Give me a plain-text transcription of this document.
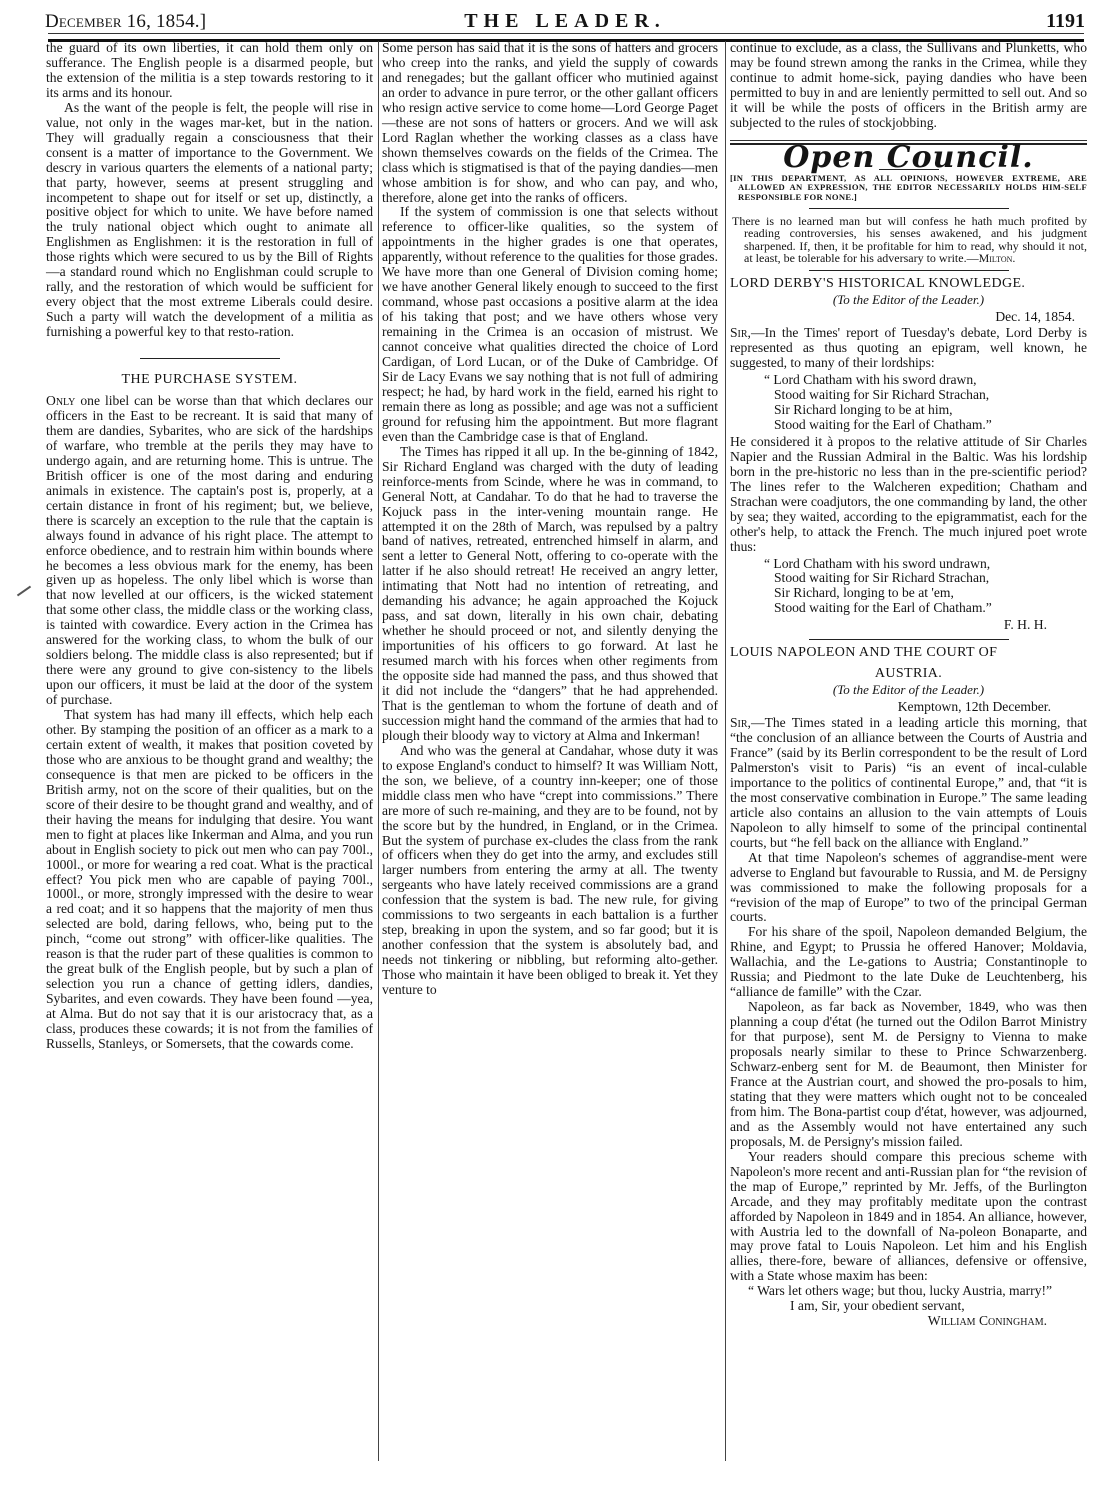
December 16, 1854.]	THE LEADER.	1191

the guard of its own liberties, it can hold them only on sufferance. The English people is a disarmed people, but the extension of the militia is a step towards restoring to it its arms and its honour.

As the want of the people is felt, the people will rise in value, not only in the wages mar-ket, but in the nation. They will gradually regain a consciousness that their consent is a matter of importance to the Government. We descry in various quarters the elements of a national party; that party, however, seems at present struggling and incompetent to shape out for itself or set up, distinctly, a positive object for which to unite. We have before named the truly national object which ought to animate all Englishmen as Englishmen: it is the restoration in full of those rights which were secured to us by the Bill of Rights—a standard round which no Englishman could scruple to rally, and the restoration of which would be sufficient for every object that the most extreme Liberals could desire. Such a party will watch the development of a militia as furnishing a powerful key to that resto-ration.

THE PURCHASE SYSTEM.

Only one libel can be worse than that which declares our officers in the East to be recreant. It is said that many of them are dandies, Sybarites, who are sick of the hardships of warfare, who tremble at the perils they may have to undergo again, and are returning home. This is untrue. The British officer is one of the most daring and enduring animals in existence. The captain's post is, properly, at a certain distance in front of his regiment; but, we believe, there is scarcely an exception to the rule that the captain is always found in advance of his right place. The attempt to enforce obedience, and to restrain him within bounds where he becomes a less obvious mark for the enemy, has been given up as hopeless. The only libel which is worse than that now levelled at our officers, is the wicked statement that some other class, the middle class or the working class, is tainted with cowardice. Every action in the Crimea has answered for the working class, to whom the bulk of our soldiers belong. The middle class is also represented; but if there were any ground to give con-sistency to the libels upon our officers, it must be laid at the door of the system of purchase.

That system has had many ill effects, which help each other. By stamping the position of an officer as a mark to a certain extent of wealth, it makes that position coveted by those who are anxious to be thought grand and wealthy; the consequence is that men are picked to be officers in the British army, not on the score of their qualities, but on the score of their desire to be thought grand and wealthy, and of their having the means for indulging that desire. You want men to fight at places like Inkerman and Alma, and you run about in English society to pick out men who can pay 700l., 1000l., or more for wearing a red coat. What is the practical effect? You pick men who are capable of paying 700l., 1000l., or more, strongly impressed with the desire to wear a red coat; and it so happens that the majority of men thus selected are bold, daring fellows, who, being put to the pinch, “come out strong” with officer-like qualities. The reason is that the ruder part of these qualities is common to the great bulk of the English people, but by such a plan of selection you run a chance of getting idlers, dandies, Sybarites, and even cowards. They have been found —yea, at Alma. But do not say that it is our aristocracy that, as a class, produces these cowards; it is not from the families of Russells, Stanleys, or Somersets, that the cowards come.

Some person has said that it is the sons of hatters and grocers who creep into the ranks, and yield the supply of cowards and renegades; but the gallant officer who mutinied against an order to advance in pure terror, or the other gallant officers who resign active service to come home—Lord George Paget—these are not sons of hatters or grocers. And we will ask Lord Raglan whether the working classes as a class have shown themselves cowards on the fields of the Crimea. The class which is stigmatised is that of the paying dandies—men whose ambition is for show, and who can pay, and who, therefore, alone get into the ranks of officers.

If the system of commission is one that selects without reference to officer-like qualities, so the system of appointments in the higher grades is one that operates, apparently, without reference to the qualities for those grades. We have more than one General of Division coming home; we have another General likely enough to succeed to the first command, whose past occasions a positive alarm at the idea of his taking that post; and we have others whose very remaining in the Crimea is an occasion of mistrust. We cannot conceive what qualities directed the choice of Lord Cardigan, of Lord Lucan, or of the Duke of Cambridge. Of Sir de Lacy Evans we say nothing that is not full of admiring respect; he had, by hard work in the field, earned his right to remain there as long as possible; and age was not a sufficient ground for refusing him the appointment. But more flagrant even than the Cambridge case is that of England.

The Times has ripped it all up. In the be-ginning of 1842, Sir Richard England was charged with the duty of leading reinforce-ments from Scinde, where he was in command, to General Nott, at Candahar. To do that he had to traverse the Kojuck pass in the inter-vening mountain range. He attempted it on the 28th of March, was repulsed by a paltry band of natives, retreated, entrenched himself in alarm, and sent a letter to General Nott, offering to co-operate with the latter if he also should retreat! He received an angry letter, intimating that Nott had no intention of retreating, and demanding his advance; he again approached the Kojuck pass, and sat down, literally in his own chair, debating whether he should proceed or not, and silently denying the importunities of his officers to go forward. At last he resumed march with his forces when other regiments from the opposite side had manned the pass, and thus showed that it did not include the “dangers” that he had apprehended. That is the gentleman to whom the fortune of death and of succession might hand the command of the armies that had to plough their bloody way to victory at Alma and Inkerman!

And who was the general at Candahar, whose duty it was to expose England's conduct to himself? It was William Nott, the son, we believe, of a country inn-keeper; one of those middle class men who have “crept into commissions.” There are more of such re-maining, and they are to be found, not by the score but by the hundred, in England, or in the Crimea. But the system of purchase ex-cludes the class from the rank of officers when they do get into the army, and excludes still larger numbers from entering the army at all. The twenty sergeants who have lately received commissions are a grand confession that the system is bad. The new rule, for giving commissions to two sergeants in each battalion is a further step, breaking in upon the system, and so far good; but it is another confession that the system is absolutely bad, and needs not tinkering or nibbling, but reforming alto-gether. Those who maintain it have been obliged to break it. Yet they venture to

continue to exclude, as a class, the Sullivans and Plunketts, who may be found strewn among the ranks in the Crimea, while they continue to admit home-sick, paying dandies who have been permitted to buy in and are leniently permitted to sell out. And so it will be while the posts of officers in the British army are subjected to the rules of stockjobbing.

Open Council.
[IN THIS DEPARTMENT, AS ALL OPINIONS, HOWEVER EXTREME, ARE ALLOWED AN EXPRESSION, THE EDITOR NECESSARILY HOLDS HIM-SELF RESPONSIBLE FOR NONE.]
There is no learned man but will confess he hath much profited by reading controversies, his senses awakened, and his judgment sharpened. If, then, it be profitable for him to read, why should it not, at least, be tolerable for his adversary to write.—Milton.
LORD DERBY'S HISTORICAL KNOWLEDGE.
(To the Editor of the Leader.)
Dec. 14, 1854.

Sir,—In the Times' report of Tuesday's debate, Lord Derby is represented as thus quoting an epigram, well known, he suggested, to many of their lordships:

“ Lord Chatham with his sword drawn,
Stood waiting for Sir Richard Strachan,
Sir Richard longing to be at him,
Stood waiting for the Earl of Chatham.”

He considered it à propos to the relative attitude of Sir Charles Napier and the Russian Admiral in the Baltic. Was his lordship born in the pre-historic no less than in the pre-scientific period? The lines refer to the Walcheren expedition; Chatham and Strachan were coadjutors, the one commanding by land, the other by sea; they waited, according to the epigrammatist, each for the other's help, to attack the French. The much injured poet wrote thus:

“ Lord Chatham with his sword undrawn,
Stood waiting for Sir Richard Strachan,
Sir Richard, longing to be at 'em,
Stood waiting for the Earl of Chatham.”
F. H. H.
LOUIS NAPOLEON AND THE COURT OF
AUSTRIA.
(To the Editor of the Leader.)
Kemptown, 12th December.

Sir,—The Times stated in a leading article this morning, that “the conclusion of an alliance between the Courts of Austria and France” (said by its Berlin correspondent to be the result of Lord Palmerston's visit to Paris) “is an event of incal-culable importance to the politics of continental Europe,” and, that “it is the most conservative combination in Europe.” The same leading article also contains an allusion to the vain attempts of Louis Napoleon to ally himself to some of the principal continental courts, but “he fell back on the alliance with England.”

At that time Napoleon's schemes of aggrandise-ment were adverse to England but favourable to Russia, and M. de Persigny was commissioned to make the following proposals for a “revision of the map of Europe” to two of the principal German courts.

For his share of the spoil, Napoleon demanded Belgium, the Rhine, and Egypt; to Prussia he offered Hanover; Moldavia, Wallachia, and the Le-gations to Austria; Constantinople to Russia; and Piedmont to the late Duke de Leuchtenberg, his “alliance de famille” with the Czar.

Napoleon, as far back as November, 1849, who was then planning a coup d'état (he turned out the Odilon Barrot Ministry for that purpose), sent M. de Persigny to Vienna to make proposals nearly similar to these to Prince Schwarzenberg. Schwarz-enberg sent for M. de Beaumont, then Minister for France at the Austrian court, and showed the pro-posals to him, stating that they were matters which ought not to be concealed from him. The Bona-partist coup d'état, however, was adjourned, and as the Assembly would not have entertained any such proposals, M. de Persigny's mission failed.

Your readers should compare this precious scheme with Napoleon's more recent and anti-Russian plan for “the revision of the map of Europe,” reprinted by Mr. Jeffs, of the Burlington Arcade, and they may profitably meditate upon the contrast afforded by Napoleon in 1849 and in 1854. An alliance, however, with Austria led to the downfall of Na-poleon Bonaparte, and may prove fatal to Louis Napoleon. Let him and his English allies, there-fore, beware of alliances, defensive or offensive, with a State whose maxim has been:

“ Wars let others wage; but thou, lucky Austria, marry!”

I am, Sir, your obedient servant,
William Coningham.
